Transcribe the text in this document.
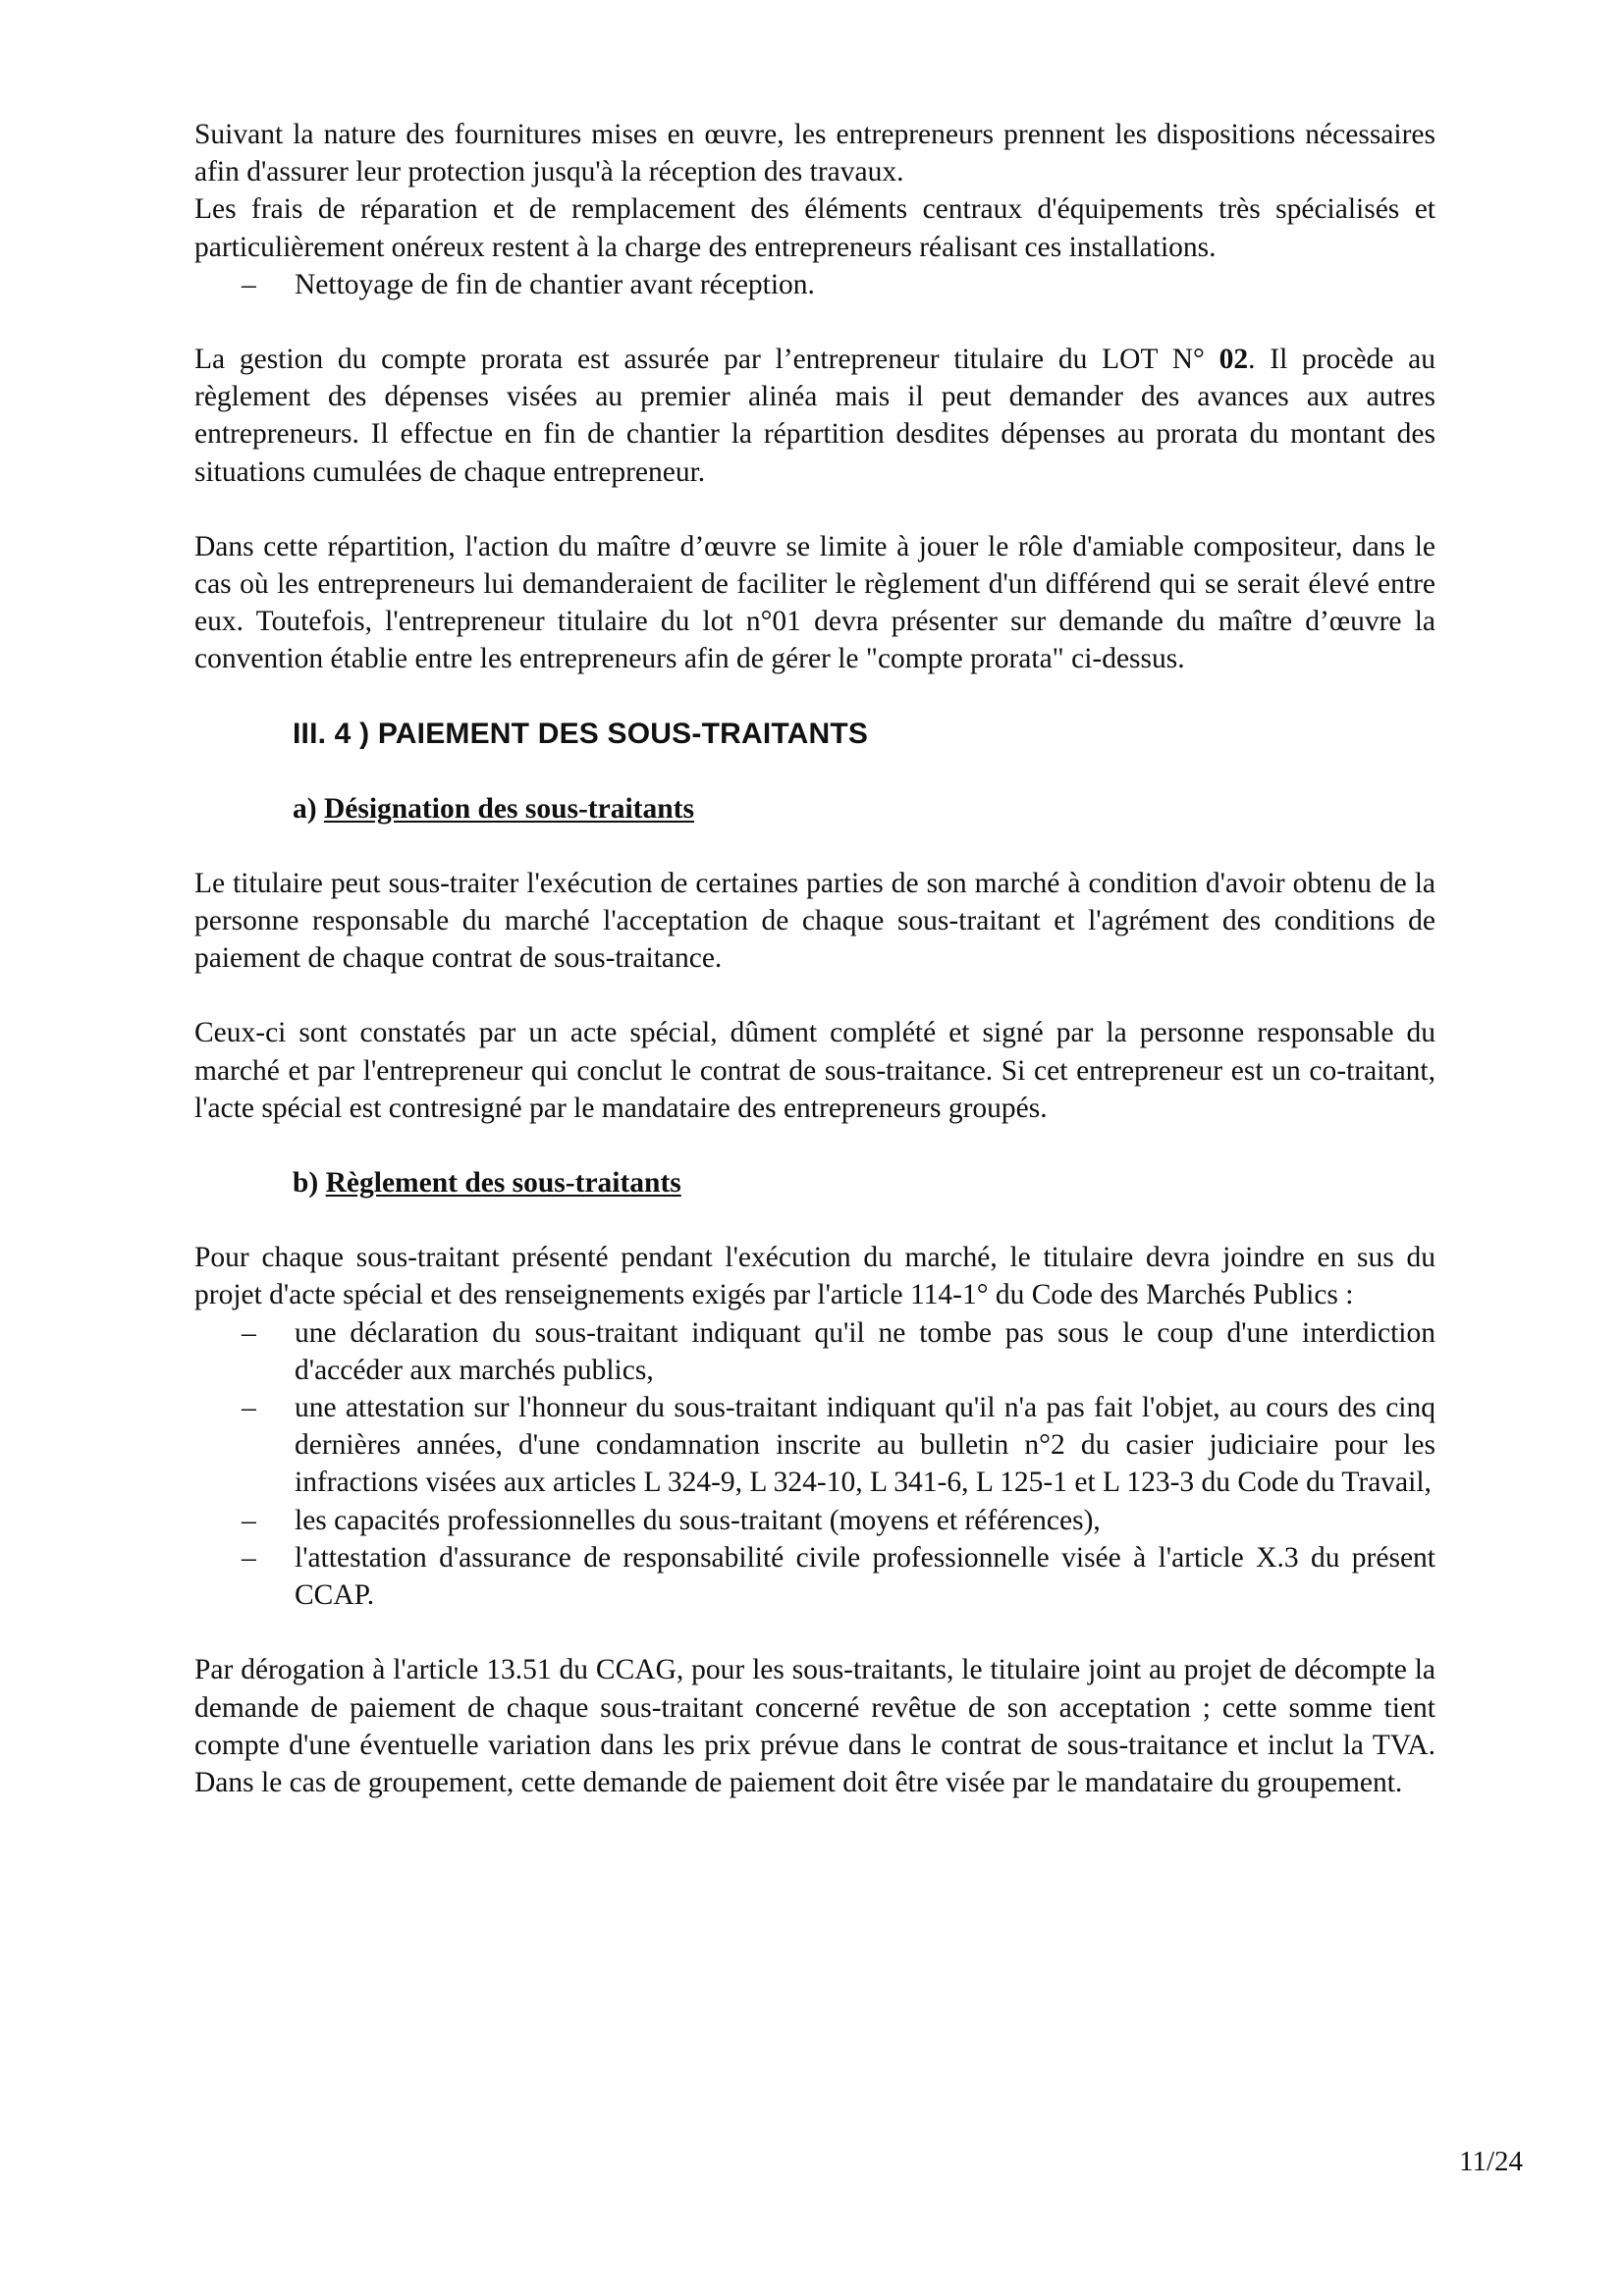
Suivant la nature des fournitures mises en œuvre, les entrepreneurs prennent les dispositions nécessaires afin d'assurer leur protection jusqu'à la réception des travaux.

Les frais de réparation et de remplacement des éléments centraux d'équipements très spécialisés et particulièrement onéreux restent à la charge des entrepreneurs réalisant ces installations.

– Nettoyage de fin de chantier avant réception.

La gestion du compte prorata est assurée par l’entrepreneur titulaire du LOT N° 02. Il procède au règlement des dépenses visées au premier alinéa mais il peut demander des avances aux autres entrepreneurs. Il effectue en fin de chantier la répartition desdites dépenses au prorata du montant des situations cumulées de chaque entrepreneur.

Dans cette répartition, l'action du maître d’œuvre se limite à jouer le rôle d'amiable compositeur, dans le cas où les entrepreneurs lui demanderaient de faciliter le règlement d'un différend qui se serait élevé entre eux. Toutefois, l'entrepreneur titulaire du lot n°01 devra présenter sur demande du maître d’œuvre la convention établie entre les entrepreneurs afin de gérer le "compte prorata" ci-dessus.

III. 4 ) PAIEMENT DES SOUS-TRAITANTS

a) Désignation des sous-traitants

Le titulaire peut sous-traiter l'exécution de certaines parties de son marché à condition d'avoir obtenu de la personne responsable du marché l'acceptation de chaque sous-traitant et l'agrément des conditions de paiement de chaque contrat de sous-traitance.

Ceux-ci sont constatés par un acte spécial, dûment complété et signé par la personne responsable du marché et par l'entrepreneur qui conclut le contrat de sous-traitance. Si cet entrepreneur est un co-traitant, l'acte spécial est contresigné par le mandataire des entrepreneurs groupés.

b) Règlement des sous-traitants

Pour chaque sous-traitant présenté pendant l'exécution du marché, le titulaire devra joindre en sus du projet d'acte spécial et des renseignements exigés par l'article 114-1° du Code des Marchés Publics :

– une déclaration du sous-traitant indiquant qu'il ne tombe pas sous le coup d'une interdiction d'accéder aux marchés publics,
– une attestation sur l'honneur du sous-traitant indiquant qu'il n'a pas fait l'objet, au cours des cinq dernières années, d'une condamnation inscrite au bulletin n°2 du casier judiciaire pour les infractions visées aux articles L 324-9, L 324-10, L 341-6, L 125-1 et L 123-3 du Code du Travail,
– les capacités professionnelles du sous-traitant (moyens et références),
– l'attestation d'assurance de responsabilité civile professionnelle visée à l'article X.3 du présent CCAP.

Par dérogation à l'article 13.51 du CCAG, pour les sous-traitants, le titulaire joint au projet de décompte la demande de paiement de chaque sous-traitant concerné revêtue de son acceptation ; cette somme tient compte d'une éventuelle variation dans les prix prévue dans le contrat de sous-traitance et inclut la TVA. Dans le cas de groupement, cette demande de paiement doit être visée par le mandataire du groupement.

11/24
